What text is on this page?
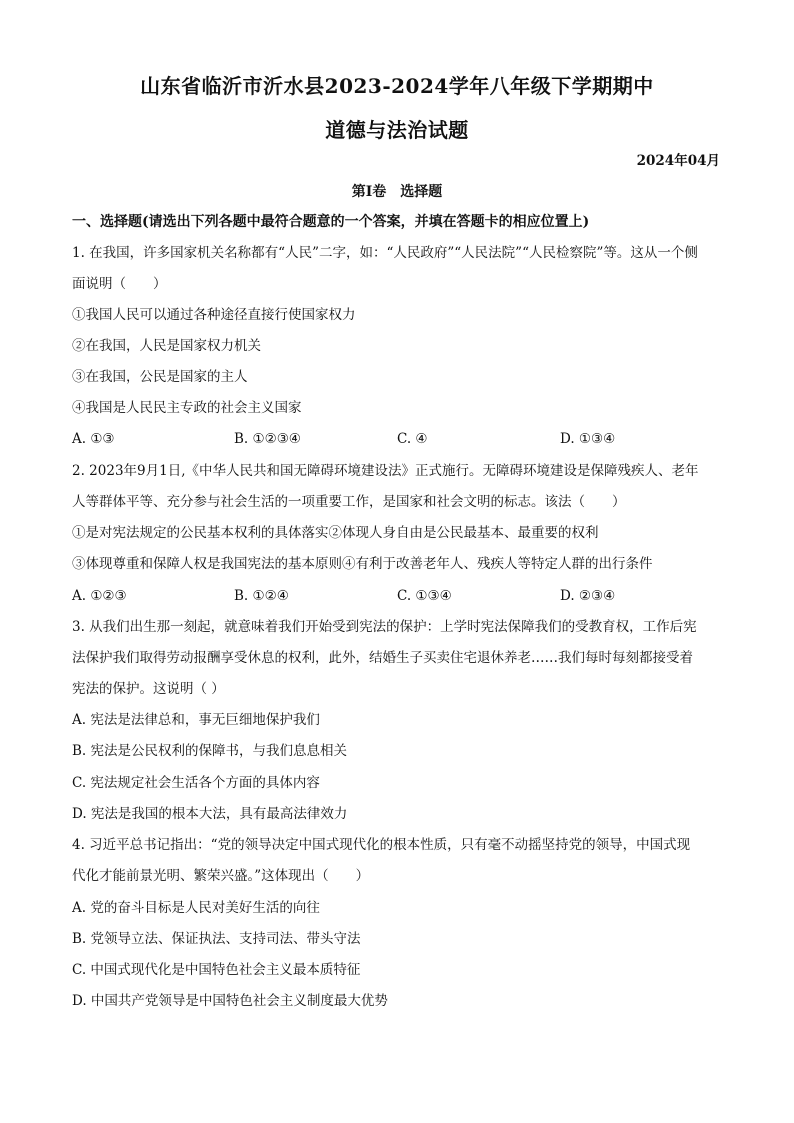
山东省临沂市沂水县2023-2024学年八年级下学期期中
道德与法治试题
2024年04月
第Ⅰ卷　选择题
一、选择题(请选出下列各题中最符合题意的一个答案，并填在答题卡的相应位置上)
1. 在我国，许多国家机关名称都有“人民”二字，如：“人民政府”“人民法院”“人民检察院”等。这从一个侧
面说明（　　）
①我国人民可以通过各种途径直接行使国家权力
②在我国，人民是国家权力机关
③在我国，公民是国家的主人
④我国是人民民主专政的社会主义国家
A. ①③	B. ①②③④	C. ④	D. ①③④
2. 2023年9月1日,《中华人民共和国无障碍环境建设法》正式施行。无障碍环境建设是保障残疾人、老年
人等群体平等、充分参与社会生活的一项重要工作，是国家和社会文明的标志。该法（　　）
①是对宪法规定的公民基本权利的具体落实②体现人身自由是公民最基本、最重要的权利
③体现尊重和保障人权是我国宪法的基本原则④有利于改善老年人、残疾人等特定人群的出行条件
A. ①②③	B. ①②④	C. ①③④	D. ②③④
3. 从我们出生那一刻起，就意味着我们开始受到宪法的保护：上学时宪法保障我们的受教育权，工作后宪
法保护我们取得劳动报酬享受休息的权利，此外，结婚生子买卖住宅退休养老……我们每时每刻都接受着
宪法的保护。这说明（ ）
A. 宪法是法律总和，事无巨细地保护我们
B. 宪法是公民权利的保障书，与我们息息相关
C. 宪法规定社会生活各个方面的具体内容
D. 宪法是我国的根本大法，具有最高法律效力
4. 习近平总书记指出：“党的领导决定中国式现代化的根本性质，只有毫不动摇坚持党的领导，中国式现
代化才能前景光明、繁荣兴盛。”这体现出（　　）
A. 党的奋斗目标是人民对美好生活的向往
B. 党领导立法、保证执法、支持司法、带头守法
C. 中国式现代化是中国特色社会主义最本质特征
D. 中国共产党领导是中国特色社会主义制度最大优势
